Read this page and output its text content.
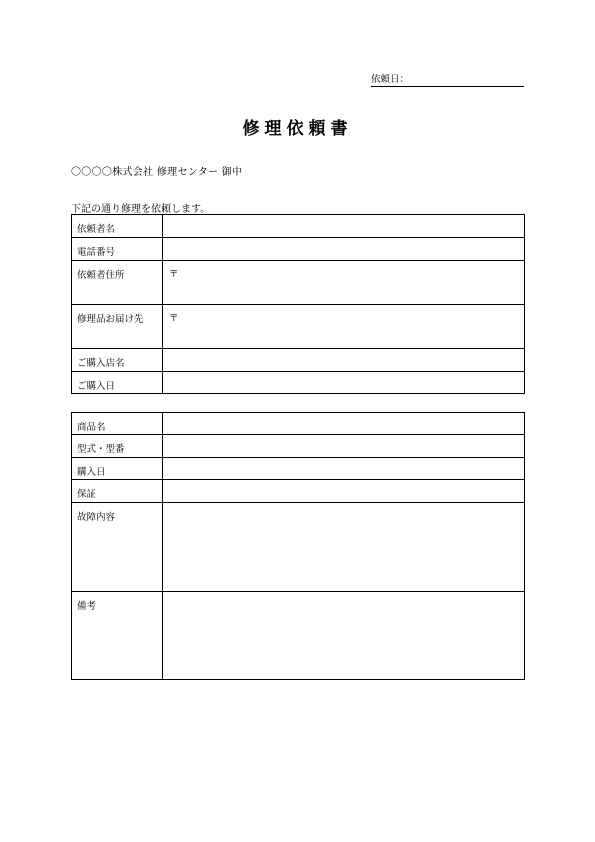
依頼日：
修理依頼書
〇〇〇〇株式会社 修理センター 御中
下記の通り修理を依頼します。
依頼者名	
電話番号	
依頼者住所	〒
修理品お届け先	〒
ご購入店名	
ご購入日	
商品名	
型式・型番	
購入日	
保証	
故障内容	
備考	
